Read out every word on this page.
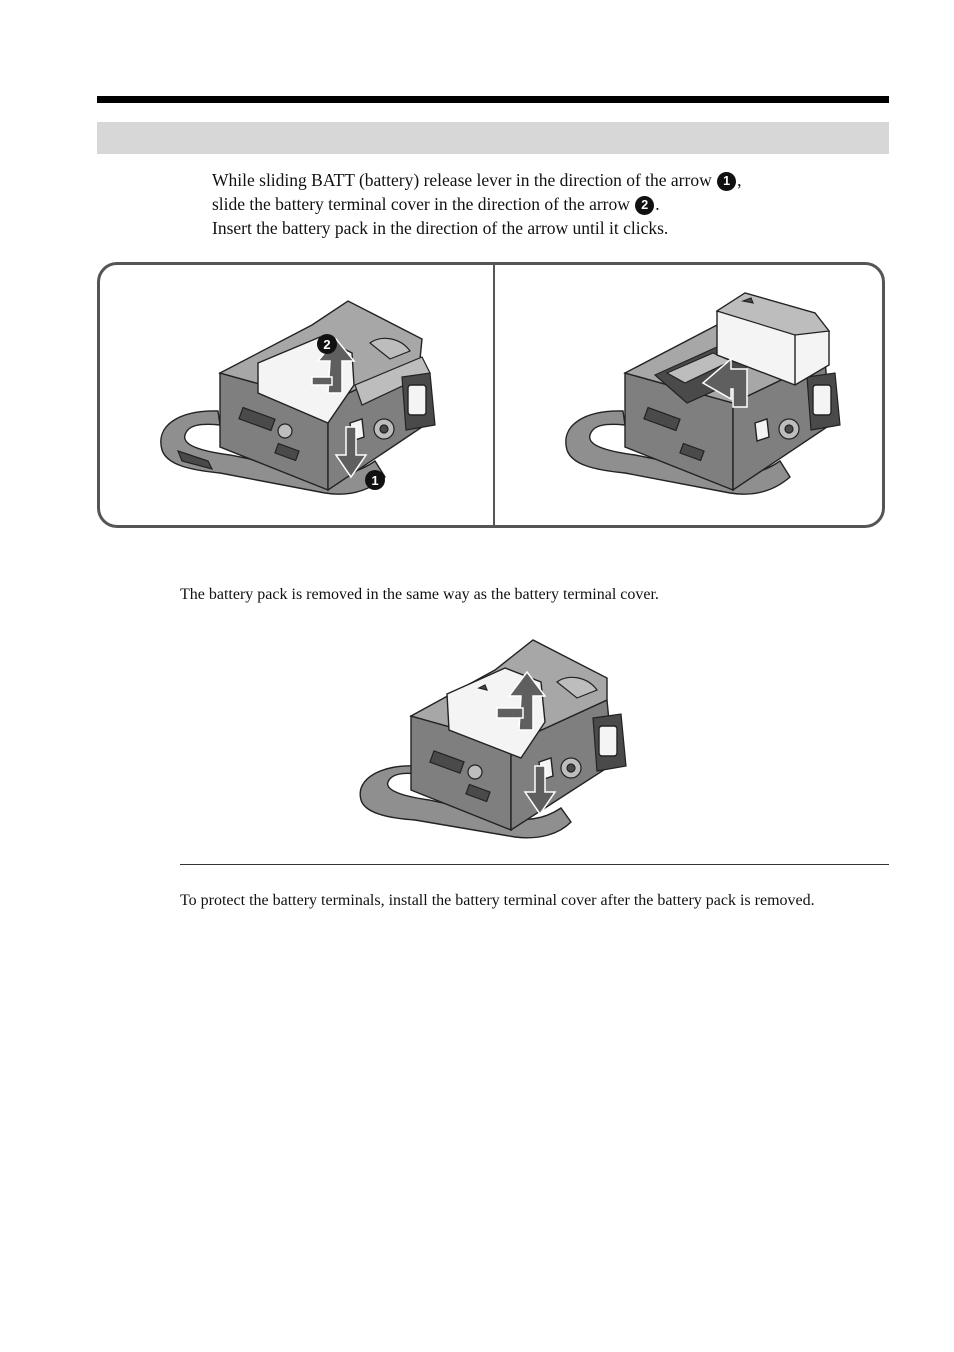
While sliding BATT (battery) release lever in the direction of the arrow 1 ,

slide the battery terminal cover in the direction of the arrow 2 .

Insert the battery pack in the direction of the arrow until it clicks.

1
2
The battery pack is removed in the same way as the battery terminal cover.

To protect the battery terminals, install the battery terminal cover after the battery pack is removed.
